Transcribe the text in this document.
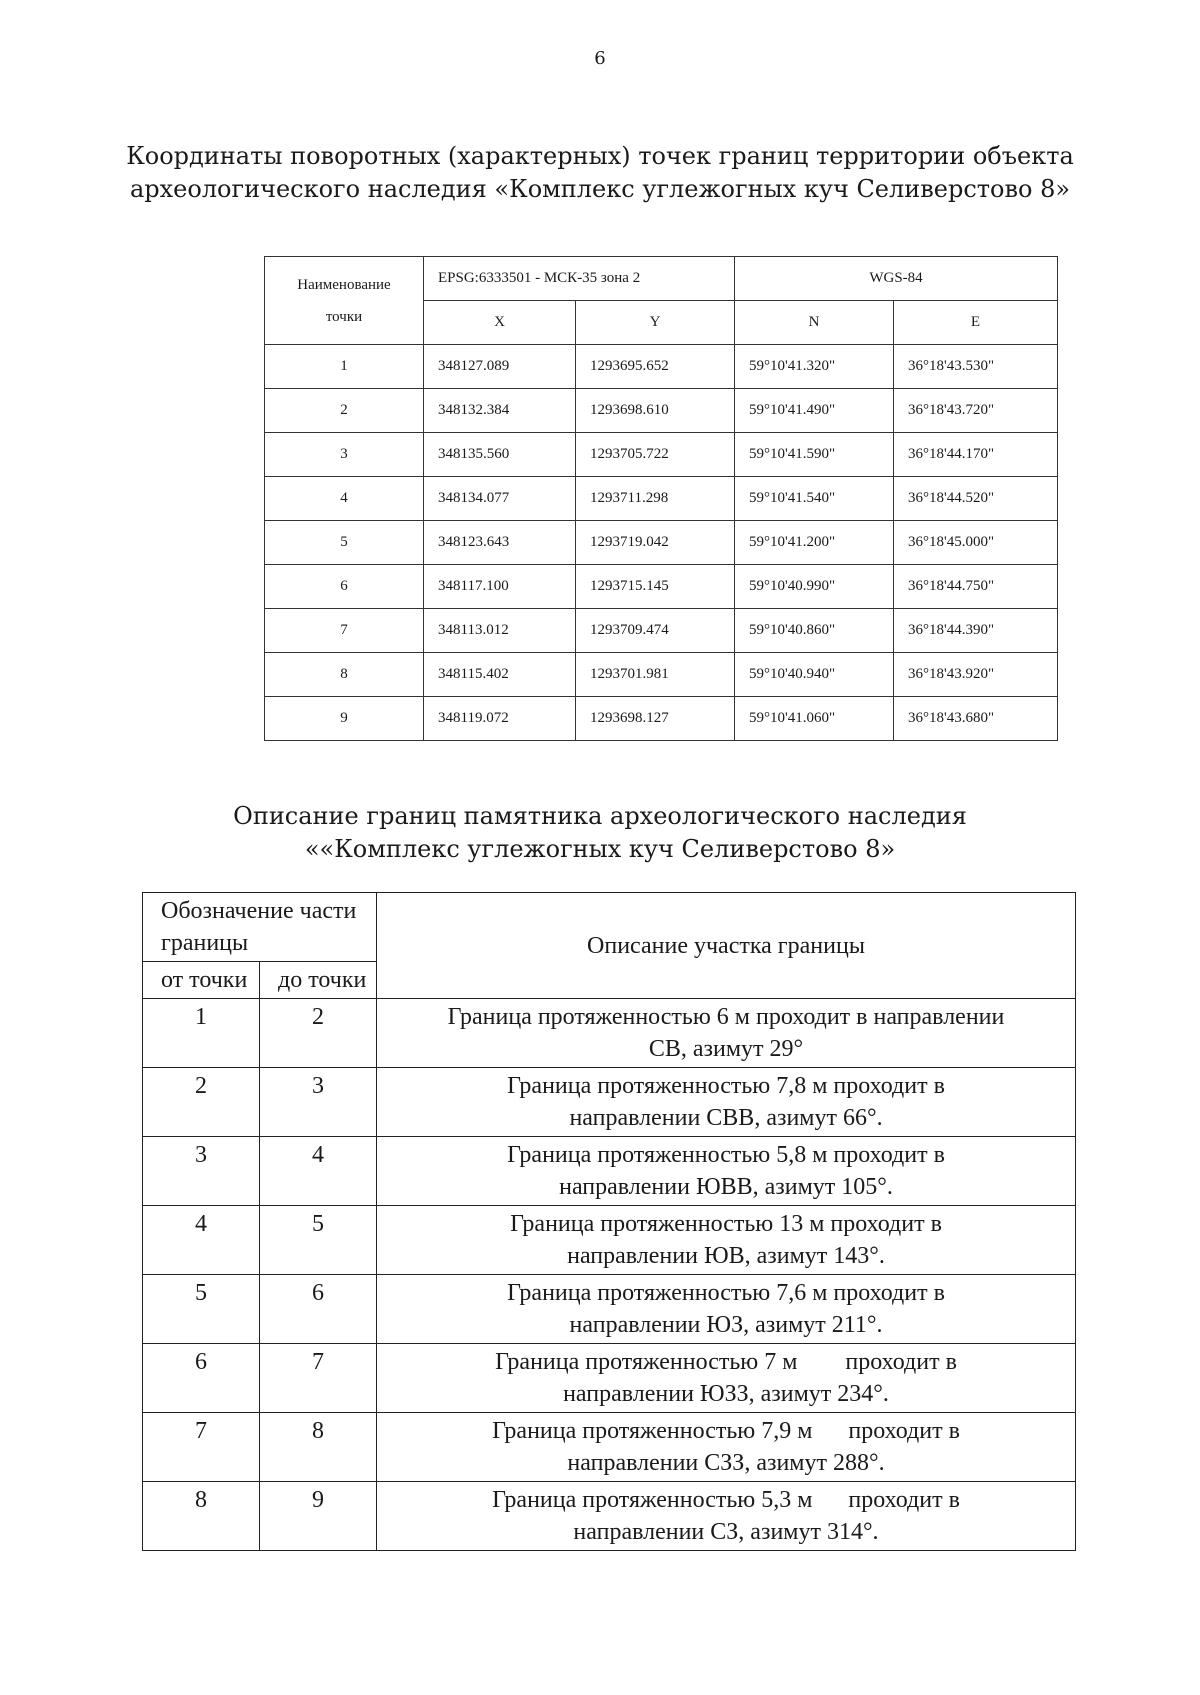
6
Координаты поворотных (характерных) точек границ территории объекта
археологического наследия «Комплекс углежогных куч Селиверстово 8»
Наименование точки	EPSG:6333501 - МСК-35 зона 2		WGS-84	
	X	Y	N	E
1	348127.089	1293695.652	59°10'41.320"	36°18'43.530"
2	348132.384	1293698.610	59°10'41.490"	36°18'43.720"
3	348135.560	1293705.722	59°10'41.590"	36°18'44.170"
4	348134.077	1293711.298	59°10'41.540"	36°18'44.520"
5	348123.643	1293719.042	59°10'41.200"	36°18'45.000"
6	348117.100	1293715.145	59°10'40.990"	36°18'44.750"
7	348113.012	1293709.474	59°10'40.860"	36°18'44.390"
8	348115.402	1293701.981	59°10'40.940"	36°18'43.920"
9	348119.072	1293698.127	59°10'41.060"	36°18'43.680"
Описание границ памятника археологического наследия
««Комплекс углежогных куч Селиверстово 8»
Обозначение части границы		Описание участка границы
от точки	до точки	
1	2	Граница протяженностью 6 м проходит в направлении
СВ, азимут 29°

2	3	Граница протяженностью 7,8 м проходит в
направлении СВВ, азимут 66°.

3	4	Граница протяженностью 5,8 м проходит в
направлении ЮВВ, азимут 105°.

4	5	Граница протяженностью 13 м проходит в
направлении ЮВ, азимут 143°.

5	6	Граница протяженностью 7,6 м проходит в
направлении ЮЗ, азимут 211°.

6	7	Граница протяженностью 7 м        проходит в
направлении ЮЗЗ, азимут 234°.

7	8	Граница протяженностью 7,9 м      проходит в
направлении СЗЗ, азимут 288°.

8	9	Граница протяженностью 5,3 м      проходит в
направлении СЗ, азимут 314°.
